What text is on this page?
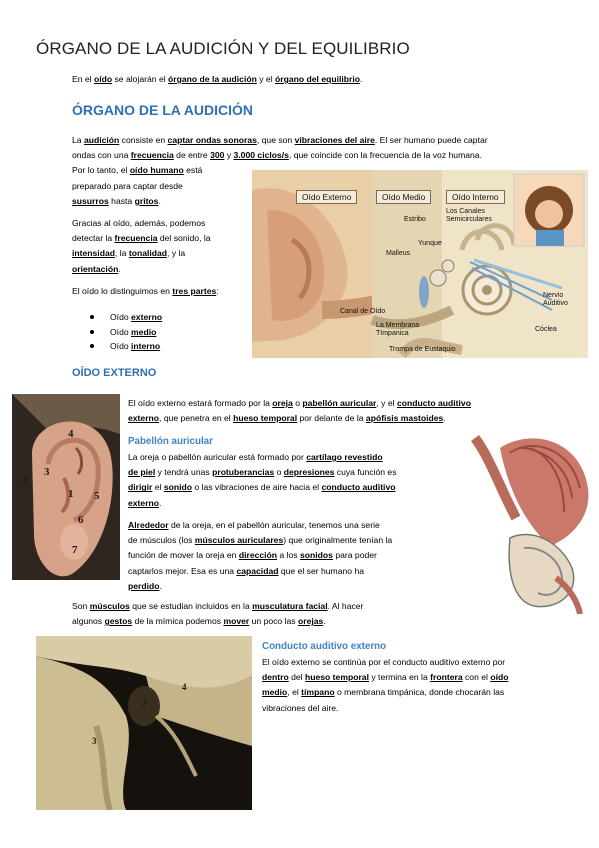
ÓRGANO DE LA AUDICIÓN Y DEL EQUILIBRIO
En el oído se alojarán el órgano de la audición y el órgano del equilibrio.
ÓRGANO DE LA AUDICIÓN
La audición consiste en captar ondas sonoras, que son vibraciones del aire. El ser humano puede captar
ondas con una frecuencia de entre 300 y 3.000 ciclos/s, que coincide con la frecuencia de la voz humana.
Por lo tanto, el oído humano está
preparado para captar desde
susurros hasta gritos.
Gracias al oído, además, podemos
detectar la frecuencia del sonido, la
intensidad, la tonalidad, y la
orientación.
El oído lo distinguimos en tres partes:
Oído externo
Oído medio
Oído interno
Oído Externo	Oído Medio	Oído Interno
Estribo
Los Canales
Semicirculares
Yunque
Malleus
Nervio
Auditivo
Canal de Oído
La Membrana
Tímpanica
Cóclea
Trompa de Eustaquio
OÍDO EXTERNO
4
3
2
1 5
6
7
El oído externo estará formado por la oreja o pabellón auricular, y el conducto auditivo
externo, que penetra en el hueso temporal por delante de la apófisis mastoides.
Pabellón auricular
La oreja o pabellón auricular está formado por cartílago revestido
de piel y tendrá unas protuberancias o depresiones cuya función es
dirigir el sonido o las vibraciones de aire hacia el conducto auditivo
externo.
Alrededor de la oreja, en el pabellón auricular, tenemos una serie
de músculos (los músculos auriculares) que originalmente tenían la
función de mover la oreja en dirección a los sonidos para poder
captarlos mejor. Esa es una capacidad que el ser humano ha
perdido.
Son músculos que se estudian incluidos en la musculatura facial. Al hacer
algunos gestos de la mímica podemos mover un poco las orejas.
1
2
3
4
Conducto auditivo externo
El oído externo se continúa por el conducto auditivo externo por
dentro del hueso temporal y termina en la frontera con el oído
medio, el tímpano o membrana timpánica, donde chocarán las
vibraciones del aire.
